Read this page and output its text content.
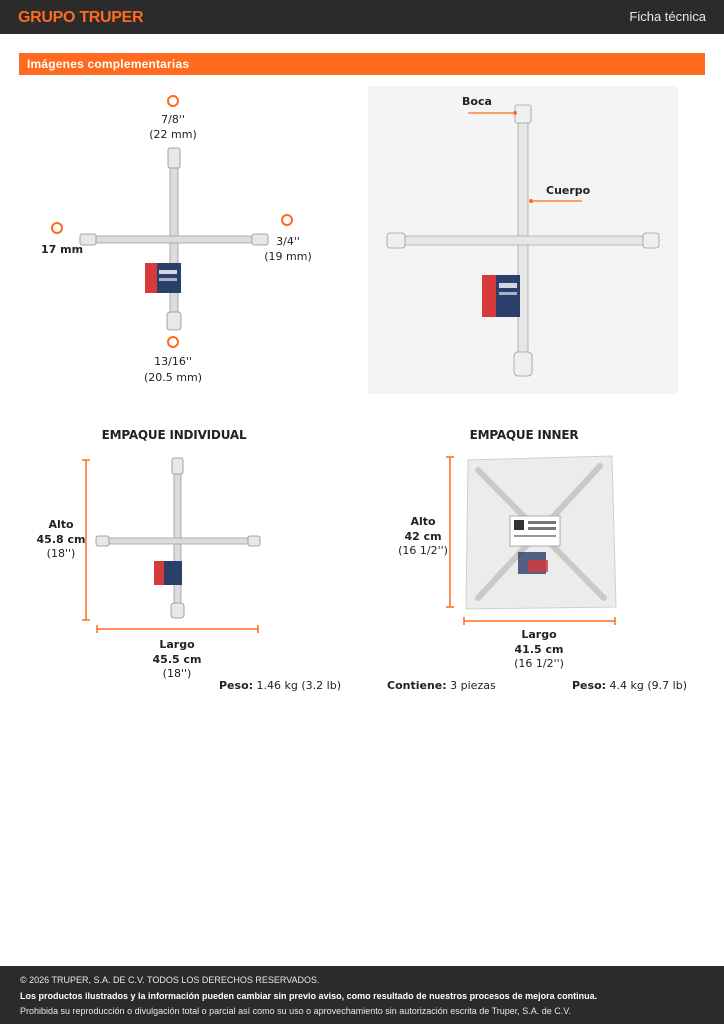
GRUPO TRUPER	Ficha técnica
Imágenes complementarias
7/8''
(22 mm)
17 mm
3/4''
(19 mm)
13/16''
(20.5 mm)
Boca
Cuerpo
EMPAQUE INDIVIDUAL
Alto
45.8 cm
(18'')
Largo
45.5 cm
(18'')
Peso: 1.46 kg (3.2 lb)
EMPAQUE INNER
Alto
42 cm
(16 1/2'')
Largo
41.5 cm
(16 1/2'')
Contiene: 3 piezas	Peso: 4.4 kg (9.7 lb)

© 2026 TRUPER, S.A. DE C.V. TODOS LOS DERECHOS RESERVADOS.

Los productos ilustrados y la información pueden cambiar sin previo aviso, como resultado de nuestros procesos de mejora continua.

Prohibida su reproducción o divulgación total o parcial así como su uso o aprovechamiento sin autorización escrita de Truper, S.A. de C.V.
